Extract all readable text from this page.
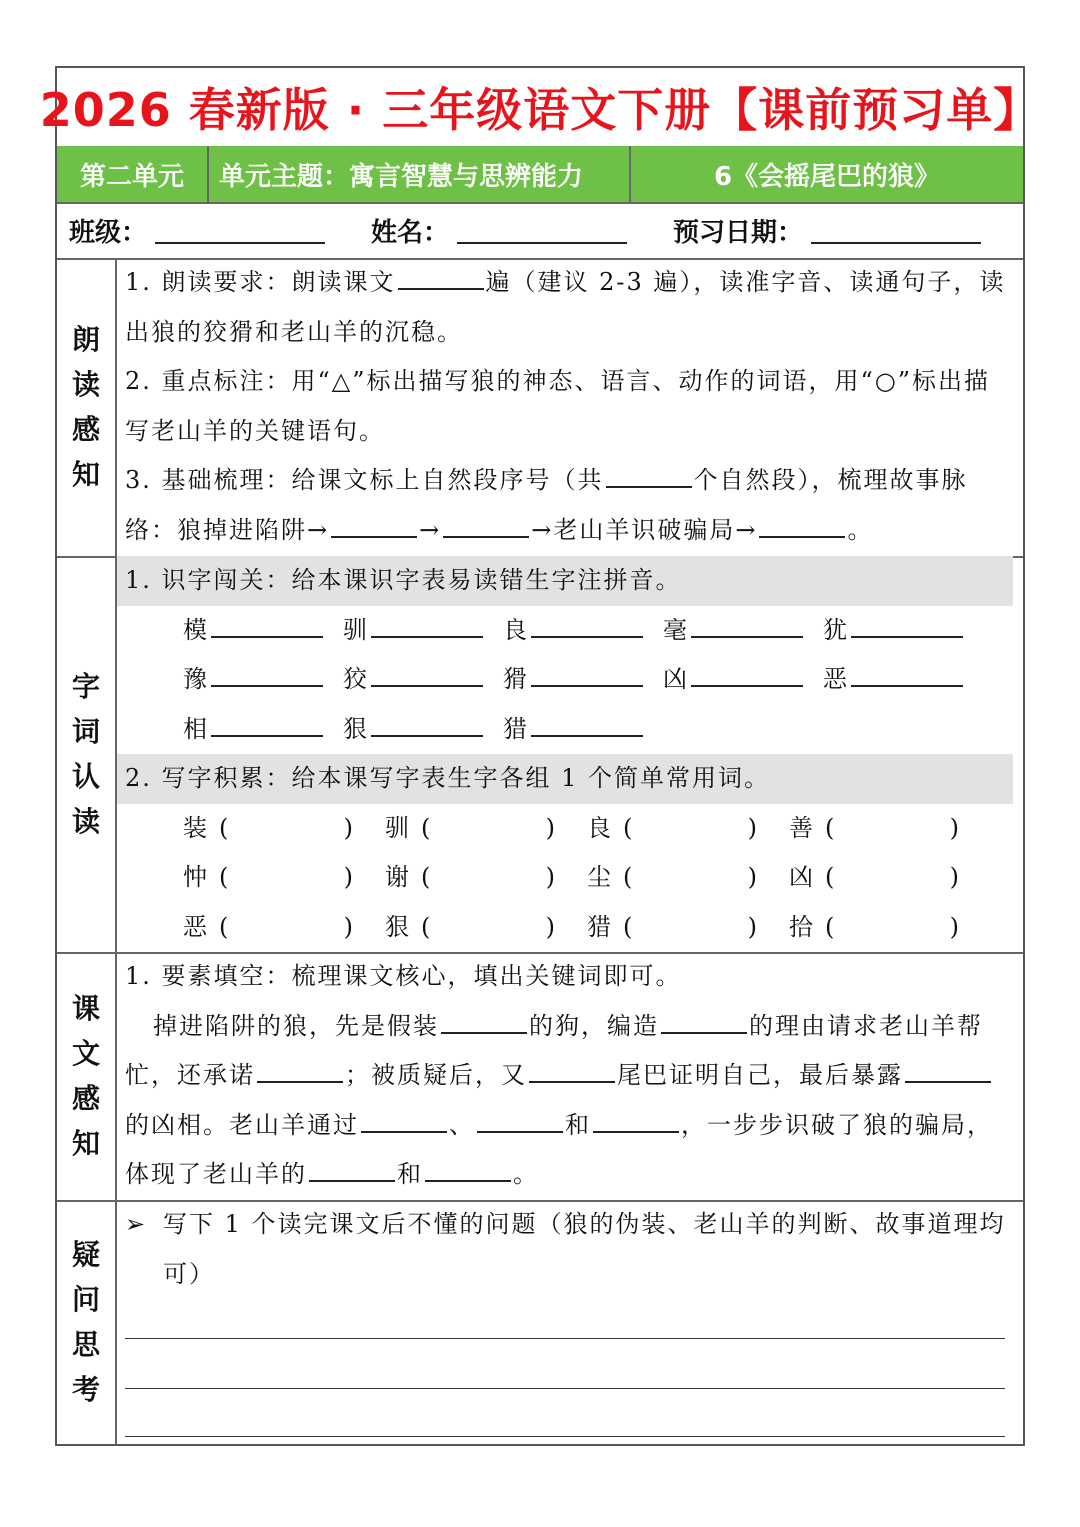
2026 春新版 · 三年级语文下册【课前预习单】
第二单元	单元主题：寓言智慧与思辨能力	6《会摇尾巴的狼》
班级：	姓名：	预习日期：
朗
读
感
知
1. 朗读要求：朗读课文	遍（建议 2-3 遍），读准字音、读通句子，读出狼的狡猾和老山羊的沉稳。
2. 重点标注：用“△”标出描写狼的神态、语言、动作的词语，用“○”标出描写老山羊的关键语句。
3. 基础梳理：给课文标上自然段序号（共	个自然段），梳理故事脉络：狼掉进陷阱→	→	→老山羊识破骗局→	。
字
词
认
读
1. 识字闯关：给本课识字表易读错生字注拼音。
模	驯	良	毫	犹
豫	狡	猾	凶	恶
相	狠	猎
2. 写字积累：给本课写字表生字各组 1 个简单常用词。
装 (	) 驯 (	) 良 (	) 善 (	)
忡 (	) 谢 (	) 尘 (	) 凶 (	)
恶 (	) 狠 (	) 猎 (	) 拾 (	)
课
文
感
知
1. 要素填空：梳理课文核心，填出关键词即可。
掉进陷阱的狼，先是假装	的狗，编造	的理由请求老山羊帮忙，还承诺	；被质疑后，又	尾巴证明自己，最后暴露的凶相。老山羊通过	、	和	，一步步识破了狼的骗局，体现了老山羊的	和	。
疑
问
思
考
➢ 写下 1 个读完课文后不懂的问题（狼的伪装、老山羊的判断、故事道理均可）
